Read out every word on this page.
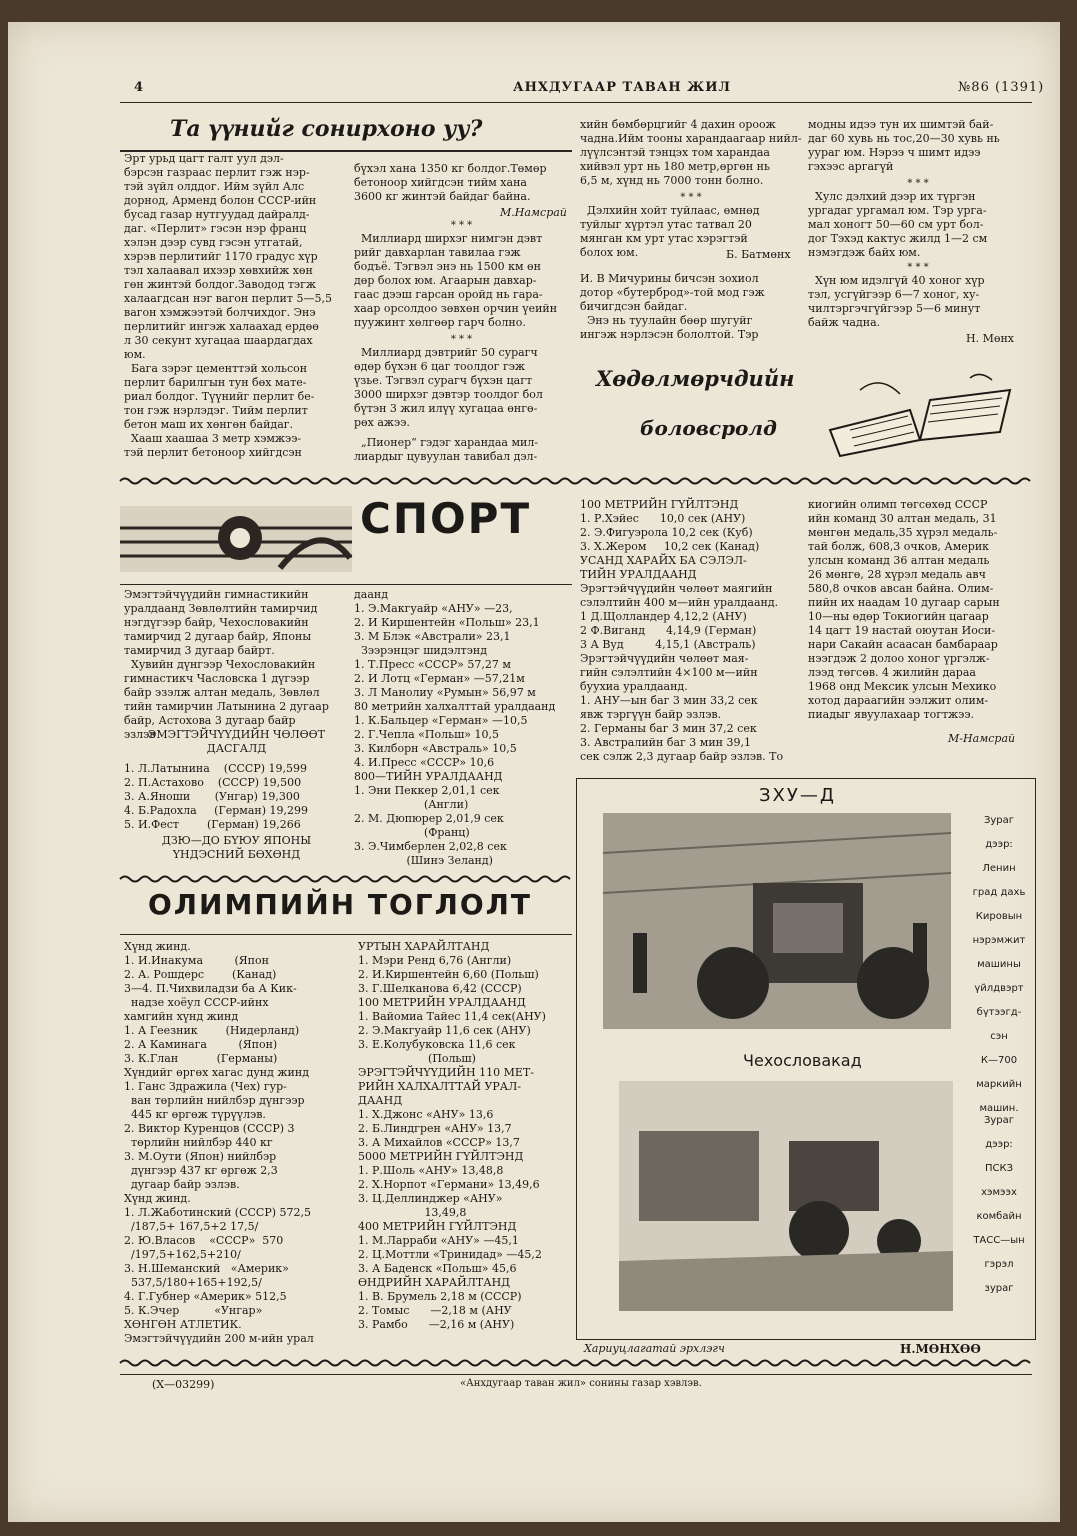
4	АНХДУГААР ТАВАН ЖИЛ	№86 (1391)
Та үүнийг сонирхоно уу?
Эрт урьд цагт галт уул дэл-
бэрсэн газраас перлит гэж нэр-
тэй зүйл олддог. Ийм зүйл Алс
дорнод, Арменд болон СССР-ийн
бусад газар нутгуудад дайралд-
даг. «Перлит» гэсэн нэр франц
хэлэн дээр сувд гэсэн утгатай,
хэрэв перлитийг 1170 градус хүр
тэл халаавал ихээр хөвхийж хөн
гөн жинтэй болдог.Заводод тэгж
халаагдсан нэг вагон перлит 5—5,5
вагон хэмжээтэй болчихдог. Энэ
перлитийг ингэж халаахад ердөө
л 30 секунт хугацаа шаардагдах
юм.
Бага зэрэг цементтэй хольсон
перлит барилгын тун бөх мате-
риал болдог. Түүнийг перлит бе-
тон гэж нэрлэдэг. Тийм перлит
бетон маш их хөнгөн байдаг.
Хааш хаашаа 3 метр хэмжээ-
тэй перлит бетоноор хийгдсэн
бүхэл хана 1350 кг болдог.Төмөр
бетоноор хийгдсэн тийм хана
3600 кг жинтэй байдаг байна.
М.Намсрай
* * *
Миллиард ширхэг нимгэн дэвт
рийг давхарлан тавилаа гэж
бодъё. Тэгвэл энэ нь 1500 км өн
дөр болох юм. Агаарын давхар-
гаас дээш гарсан оройд нь гара-
хаар орсолдоо зөвхөн орчин үеийн
пуужинт хөлгөөр гарч болно.
* * *
Миллиард дэвтрийг 50 сурагч
өдөр бүхэн 6 цаг тоолдог гэж
үзье. Тэгвэл сурагч бүхэн цагт
3000 ширхэг дэвтэр тоолдог бол
бүтэн 3 жил илүү хугацаа өнгө-
рөх ажээ.
„Пионер“ гэдэг харандаа мил-
лиардыг цувуулан тавибал дэл-
хийн бөмбөрцгийг 4 дахин ороож
чадна.Ийм тооны харандаагаар нийл-
лүүлсэнтэй тэнцэх том харандаа
хийвэл урт нь 180 метр,өргөн нь
6,5 м, хүнд нь 7000 тонн болно.
* * *
Дэлхийн хойт туйлаас, өмнөд
туйлыг хүртэл утас татвал 20
мянган км урт утас хэрэгтэй
болох юм.	Б. Батмөнх
И. В Мичурины бичсэн зохиол
дотор «бутерброд»-той мод гэж
бичигдсэн байдаг.
Энэ нь туулайн бөөр шугуйг
ингэж нэрлэсэн бололтой. Тэр
модны идээ тун их шимтэй бай-
даг 60 хувь нь тос,20—30 хувь нь
уураг юм. Нэрээ ч шимт идээ
гэхээс аргагүй
* * *
Хулс дэлхий дээр их түргэн
ургадаг ургамал юм. Тэр урга-
мал хоногт 50—60 см урт бол-
дог Тэхэд кактус жилд 1—2 см
нэмэгдэж байх юм.
* * *
Хүн юм идэлгүй 40 хоног хүр
тэл, усгүйгээр 6—7 хоног, ху-
чилтэргэчгүйгээр 5—6 минут
байж чадна.
Н. Мөнх
Хөдөлмөрчдийн
боловсролд
СПОРТ
Эмэгтэйчүүдийн гимнастикийн
уралдаанд Зөвлөлтийн тамирчид
нэгдүгээр байр, Чехословакийн
тамирчид 2 дугаар байр, Японы
тамирчид 3 дугаар байрт.
Хувийн дүнгээр Чехословакийн
гимнастикч Часловска 1 дүгээр
байр эзэлж алтан медаль, Зөвлөл
тийн тамирчин Латынина 2 дугаар
байр, Астохова 3 дугаар байр
эзлэв
ЭМЭГТЭЙЧҮҮДИЙН ЧӨЛӨӨТ
ДАСГАЛД
1. Л.Латынина    (СССР) 19,599
2. П.Астахово    (СССР) 19,500
3. А.Яноши       (Унгар) 19,300
4. Б.Радохла     (Герман) 19,299
5. И.Фест        (Герман) 19,266
ДЗЮ—ДО БҮЮУ ЯПОНЫ
ҮНДЭСНИЙ БӨХӨНД
даанд
1. Э.Макгуайр «АНУ» —23,
2. И Киршентейн «Польш» 23,1
3. М Блэк «Австрали» 23,1
Зээрэнцэг шидэлтэнд
1. Т.Пресс «СССР» 57,27 м
2. И Лотц «Герман» —57,21м
3. Л Манолиу «Румын» 56,97 м
80 метрийн халхалттай уралдаанд
1. К.Бальцер «Герман» —10,5
2. Г.Чепла «Польш» 10,5
3. Килборн «Австраль» 10,5
4. И.Пресс «СССР» 10,6
800—ТИЙН УРАЛДААНД
1. Эни Пеккер 2,01,1 сек
(Англи)
2. М. Дюпюрер 2,01,9 сек
(Франц)
3. Э.Чимберлен 2,02,8 сек
(Шинэ Зеланд)
100 МЕТРИЙН ГҮЙЛТЭНД
1. Р.Хэйес      10,0 сек (АНУ)
2. Э.Фигуэрола 10,2 сек (Куб)
3. Х.Жером     10,2 сек (Канад)
УСАНД ХАРАЙХ БА СЭЛЭЛ-
ТИЙН УРАЛДААНД
Эрэгтэйчүүдийн чөлөөт маягийн
сэлэлтийн 400 м—ийн уралдаанд.
1 Д.Щолландер 4,12,2 (АНУ)
2 Ф.Виганд      4,14,9 (Герман)
3 А Вуд         4,15,1 (Австраль)
Эрэгтэйчүүдийн чөлөөт мая-
гийн сэлэлтийн 4×100 м—ийн
буухиа уралдаанд.
1. АНУ—ын баг 3 мин 33,2 сек
явж тэргүүн байр эзлэв.
2. Германы баг 3 мин 37,2 сек
3. Австралийн баг 3 мин 39,1
сек сэлж 2,3 дугаар байр эзлэв. То
киогийн олимп төгсөхөд СССР
ийн команд 30 алтан медаль, 31
мөнгөн медаль,35 хүрэл медаль-
тай болж, 608,3 очков, Америк
улсын команд 36 алтан медаль
26 мөнгө, 28 хүрэл медаль авч
580,8 очков авсан байна. Олим-
пийн их наадам 10 дугаар сарын
10—ны өдөр Токиогийн цагаар
14 цагт 19 настай оюутан Иоси-
нари Сакайн асаасан бамбараар
нээгдэж 2 долоо хоног үргэлж-
лээд төгсөв. 4 жилийн дараа
1968 онд Мексик улсын Мехико
хотод дараагийн ээлжит олим-
пиадыг явуулахаар тогтжээ.
М-Намсрай
ОЛИМПИЙН ТОГЛОЛТ
Хүнд жинд.
1. И.Инакума         (Япон
2. А. Рошдерс        (Канад)
3—4. П.Чихвиладзи ба А Кик-
надзе хоёул СССР-ийнх
хамгийн хүнд жинд
1. А Геезник        (Нидерланд)
2. А Каминага         (Япон)
3. К.Глан           (Германы)
Хүндийг өргөх хагас дунд жинд
1. Ганс Здражила (Чех) гур-
ван төрлийн нийлбэр дүнгээр
445 кг өргөж түрүүлэв.
2. Виктор Куренцов (СССР) 3
төрлийн нийлбэр 440 кг
3. М.Оути (Япон) нийлбэр
дүнгээр 437 кг өргөж 2,3
дугаар байр эзлэв.
Хүнд жинд.
1. Л.Жаботинский (СССР) 572,5
/187,5+ 167,5+2 17,5/
2. Ю.Власов    «СССР»  570
/197,5+162,5+210/
3. Н.Шеманский   «Америк»
537,5/180+165+192,5/
4. Г.Губнер «Америк» 512,5
5. К.Эчер          «Унгар»
ХӨНГӨН АТЛЕТИК.
Эмэгтэйчүүдийн 200 м-ийн урал
УРТЫН ХАРАЙЛТАНД
1. Мэри Ренд 6,76 (Англи)
2. И.Киршентейн 6,60 (Польш)
3. Г.Шелканова 6,42 (СССР)
100 МЕТРИЙН УРАЛДААНД
1. Вайомиа Тайес 11,4 сек(АНУ)
2. Э.Макгуайр 11,6 сек (АНУ)
3. Е.Колубуковска 11,6 сек
(Польш)
ЭРЭГТЭЙЧҮҮДИЙН 110 МЕТ-
РИЙН ХАЛХАЛТТАЙ УРАЛ-
ДААНД
1. Х.Джонс «АНУ» 13,6
2. Б.Линдгрен «АНУ» 13,7
3. А Михайлов «СССР» 13,7
5000 МЕТРИЙН ГҮЙЛТЭНД
1. Р.Шоль «АНУ» 13,48,8
2. Х.Норпот «Германи» 13,49,6
3. Ц.Деллинджер «АНУ»
13,49,8
400 МЕТРИЙН ГҮЙЛТЭНД
1. М.Ларраби «АНУ» —45,1
2. Ц.Моттли «Тринидад» —45,2
3. А Баденск «Польш» 45,6
ӨНДРИЙН ХАРАЙЛТАНД
1. В. Брумель 2,18 м (СССР)
2. Томыс      —2,18 м (АНУ
3. Рамбо      —2,16 м (АНУ)
ЗХУ—Д
Зураг
дээр:
Ленин
град дахь
Кировын
нэрэмжит
машины
үйлдвэрт
бүтээгд-
сэн
К—700
маркийн
машин.
Чехословакад
Зураг
дээр:
ПСКЗ
хэмээх
комбайн
ТАСС—ын
гэрэл
зураг
Хариуцлагатай эрхлэгч	Н.МӨНХӨӨ
(Х—03299)	«Анхдугаар таван жил» сонины газар хэвлэв.
